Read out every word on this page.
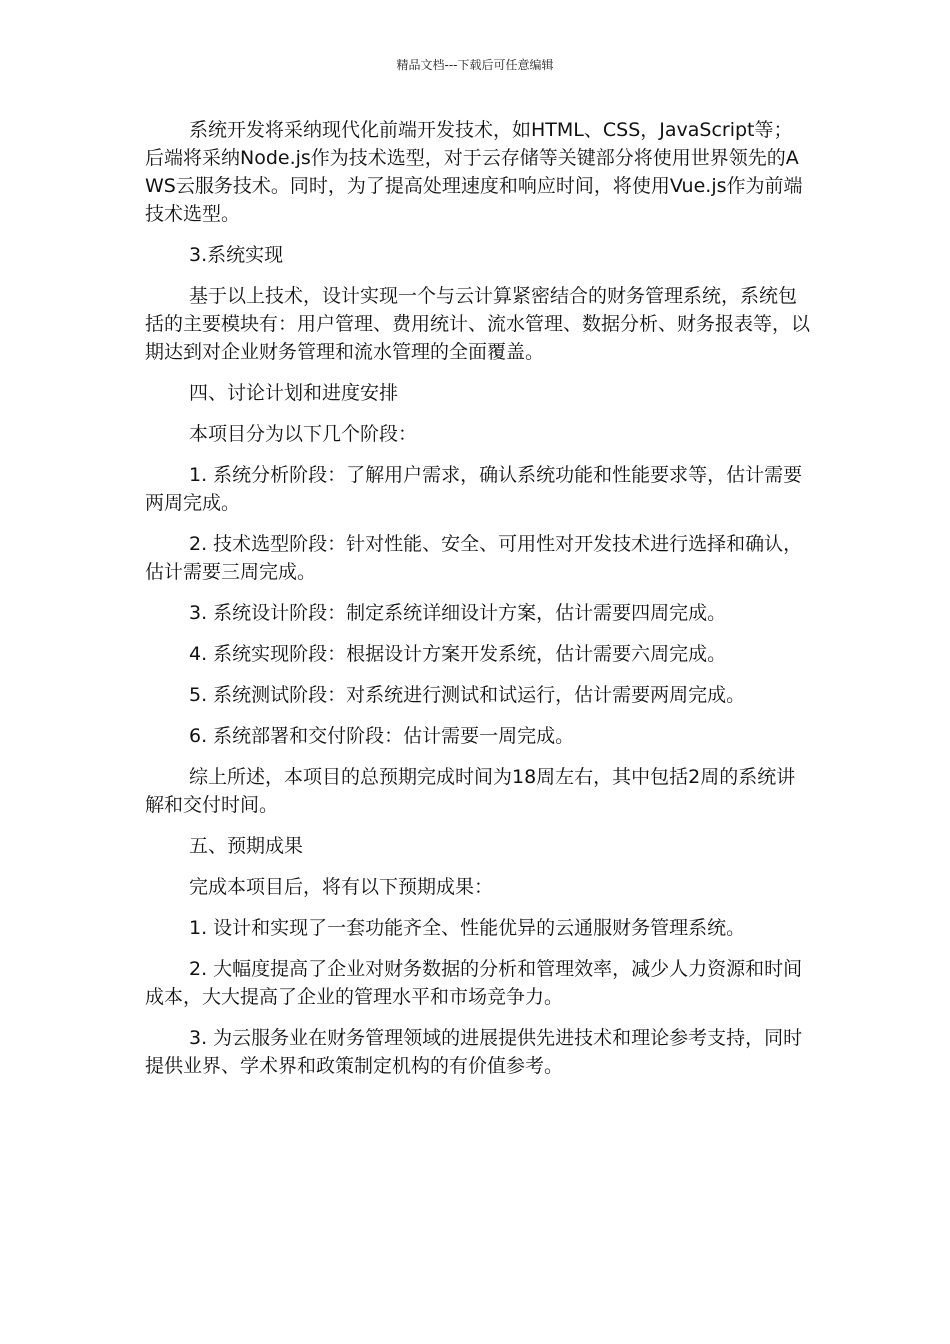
精品文档---下载后可任意编辑

系统开发将采纳现代化前端开发技术，如HTML、CSS，JavaScript等；后端将采纳Node.js作为技术选型，对于云存储等关键部分将使用世界领先的AWS云服务技术。同时，为了提高处理速度和响应时间，将使用Vue.js作为前端技术选型。

3.系统实现

基于以上技术，设计实现一个与云计算紧密结合的财务管理系统，系统包括的主要模块有：用户管理、费用统计、流水管理、数据分析、财务报表等，以期达到对企业财务管理和流水管理的全面覆盖。

四、讨论计划和进度安排

本项目分为以下几个阶段：

1. 系统分析阶段：了解用户需求，确认系统功能和性能要求等，估计需要两周完成。

2. 技术选型阶段：针对性能、安全、可用性对开发技术进行选择和确认，估计需要三周完成。

3. 系统设计阶段：制定系统详细设计方案，估计需要四周完成。

4. 系统实现阶段：根据设计方案开发系统，估计需要六周完成。

5. 系统测试阶段：对系统进行测试和试运行，估计需要两周完成。

6. 系统部署和交付阶段：估计需要一周完成。

综上所述，本项目的总预期完成时间为18周左右，其中包括2周的系统讲解和交付时间。

五、预期成果

完成本项目后，将有以下预期成果：

1. 设计和实现了一套功能齐全、性能优异的云通服财务管理系统。

2. 大幅度提高了企业对财务数据的分析和管理效率，减少人力资源和时间成本，大大提高了企业的管理水平和市场竞争力。

3. 为云服务业在财务管理领域的进展提供先进技术和理论参考支持，同时提供业界、学术界和政策制定机构的有价值参考。
